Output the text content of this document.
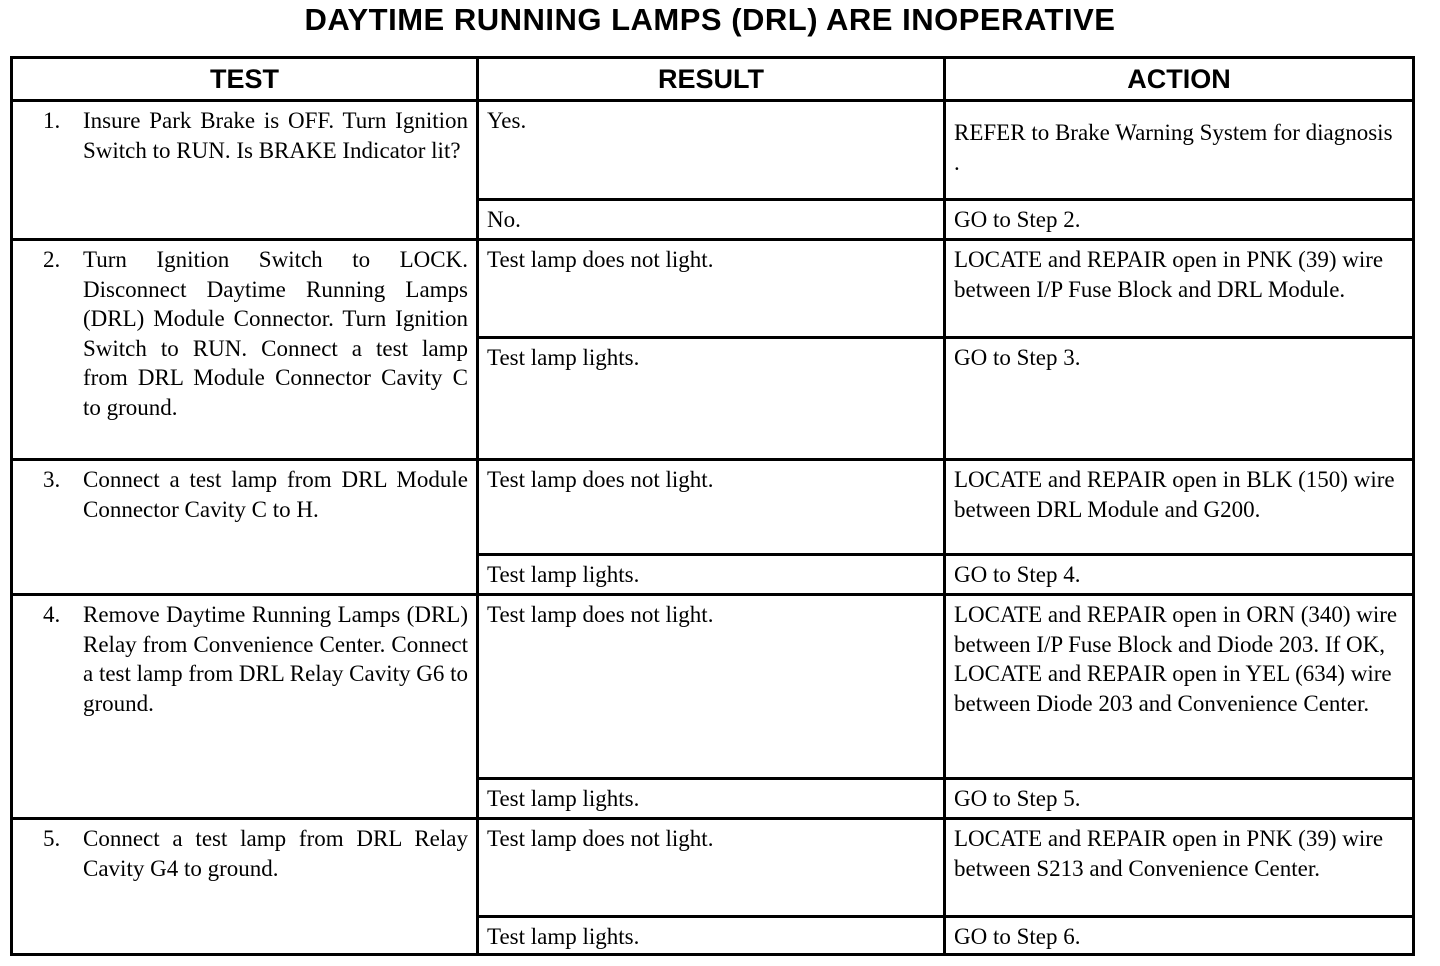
DAYTIME RUNNING LAMPS (DRL) ARE INOPERATIVE
TEST	RESULT	ACTION

1. Insure Park Brake is OFF. Turn Ignition Switch to RUN. Is BRAKE Indicator lit?	Yes.	REFER to Brake Warning System for diagnosis .

	No.	GO to Step 2.

2. Turn Ignition Switch to LOCK. Disconnect Daytime Running Lamps (DRL) Module Connector. Turn Ignition Switch to RUN. Connect a test lamp from DRL Module Connector Cavity C to ground.	Test lamp does not light.	LOCATE and REPAIR open in PNK (39) wire between I/P Fuse Block and DRL Module.
	Test lamp lights.	GO to Step 3.

3. Connect a test lamp from DRL Module Connector Cavity C to H.	Test lamp does not light.	LOCATE and REPAIR open in BLK (150) wire between DRL Module and G200.
	Test lamp lights.	GO to Step 4.

4. Remove Daytime Running Lamps (DRL) Relay from Convenience Center. Connect a test lamp from DRL Relay Cavity G6 to ground.	Test lamp does not light.	LOCATE and REPAIR open in ORN (340) wire between I/P Fuse Block and Diode 203. If OK, LOCATE and REPAIR open in YEL (634) wire between Diode 203 and Convenience Center.
	Test lamp lights.	GO to Step 5.

5. Connect a test lamp from DRL Relay Cavity G4 to ground.	Test lamp does not light.	LOCATE and REPAIR open in PNK (39) wire between S213 and Convenience Center.
	Test lamp lights.	GO to Step 6.
